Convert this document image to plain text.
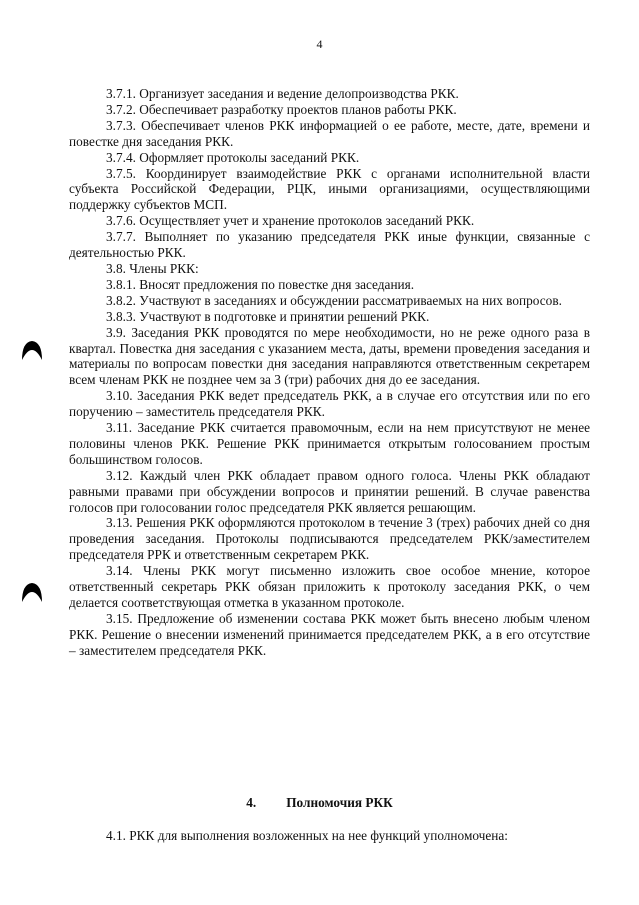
4

3.7.1. Организует заседания и ведение делопроизводства РКК.

3.7.2. Обеспечивает разработку проектов планов работы РКК.

3.7.3. Обеспечивает членов РКК информацией о ее работе, месте, дате, времени и повестке дня заседания РКК.

3.7.4. Оформляет протоколы заседаний РКК.

3.7.5. Координирует взаимодействие РКК с органами исполнительной власти субъекта Российской Федерации, РЦК, иными организациями, осуществляющими поддержку субъектов МСП.

3.7.6. Осуществляет учет и хранение протоколов заседаний РКК.

3.7.7. Выполняет по указанию председателя РКК иные функции, связанные с деятельностью РКК.

3.8. Члены РКК:

3.8.1. Вносят предложения по повестке дня заседания.

3.8.2. Участвуют в заседаниях и обсуждении рассматриваемых на них вопросов.

3.8.3. Участвуют в подготовке и принятии решений РКК.

3.9. Заседания РКК проводятся по мере необходимости, но не реже одного раза в квартал. Повестка дня заседания с указанием места, даты, времени проведения заседания и материалы по вопросам повестки дня заседания направляются ответственным секретарем всем членам РКК не позднее чем за 3 (три) рабочих дня до ее заседания.

3.10. Заседания РКК ведет председатель РКК, а в случае его отсутствия или по его поручению – заместитель председателя РКК.

3.11. Заседание РКК считается правомочным, если на нем присутствуют не менее половины членов РКК. Решение РКК принимается открытым голосованием простым большинством голосов.

3.12. Каждый член РКК обладает правом одного голоса. Члены РКК обладают равными правами при обсуждении вопросов и принятии решений. В случае равенства голосов при голосовании голос председателя РКК является решающим.

3.13. Решения РКК оформляются протоколом в течение 3 (трех) рабочих дней со дня проведения заседания. Протоколы подписываются председателем РКК/заместителем председателя РРК и ответственным секретарем РКК.

3.14. Члены РКК могут письменно изложить свое особое мнение, которое ответственный секретарь РКК обязан приложить к протоколу заседания РКК, о чем делается соответствующая отметка в указанном протоколе.

3.15. Предложение об изменении состава РКК может быть внесено любым членом РКК. Решение о внесении изменений принимается председателем РКК, а в его отсутствие – заместителем председателя РКК.

4. Полномочия РКК
4.1. РКК для выполнения возложенных на нее функций уполномочена:
